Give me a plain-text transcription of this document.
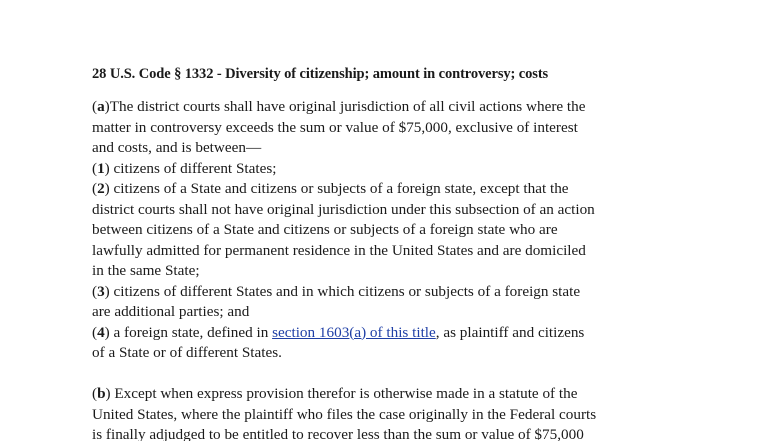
28 U.S. Code § 1332 - Diversity of citizenship; amount in controversy; costs

(a)The district courts shall have original jurisdiction of all civil actions where the

matter in controversy exceeds the sum or value of $75,000, exclusive of interest

and costs, and is between—

(1) citizens of different States;

(2) citizens of a State and citizens or subjects of a foreign state, except that the

district courts shall not have original jurisdiction under this subsection of an action

between citizens of a State and citizens or subjects of a foreign state who are

lawfully admitted for permanent residence in the United States and are domiciled

in the same State;

(3) citizens of different States and in which citizens or subjects of a foreign state

are additional parties; and

(4) a foreign state, defined in section 1603(a) of this title, as plaintiff and citizens

of a State or of different States.

(b) Except when express provision therefor is otherwise made in a statute of the

United States, where the plaintiff who files the case originally in the Federal courts

is finally adjudged to be entitled to recover less than the sum or value of $75,000
